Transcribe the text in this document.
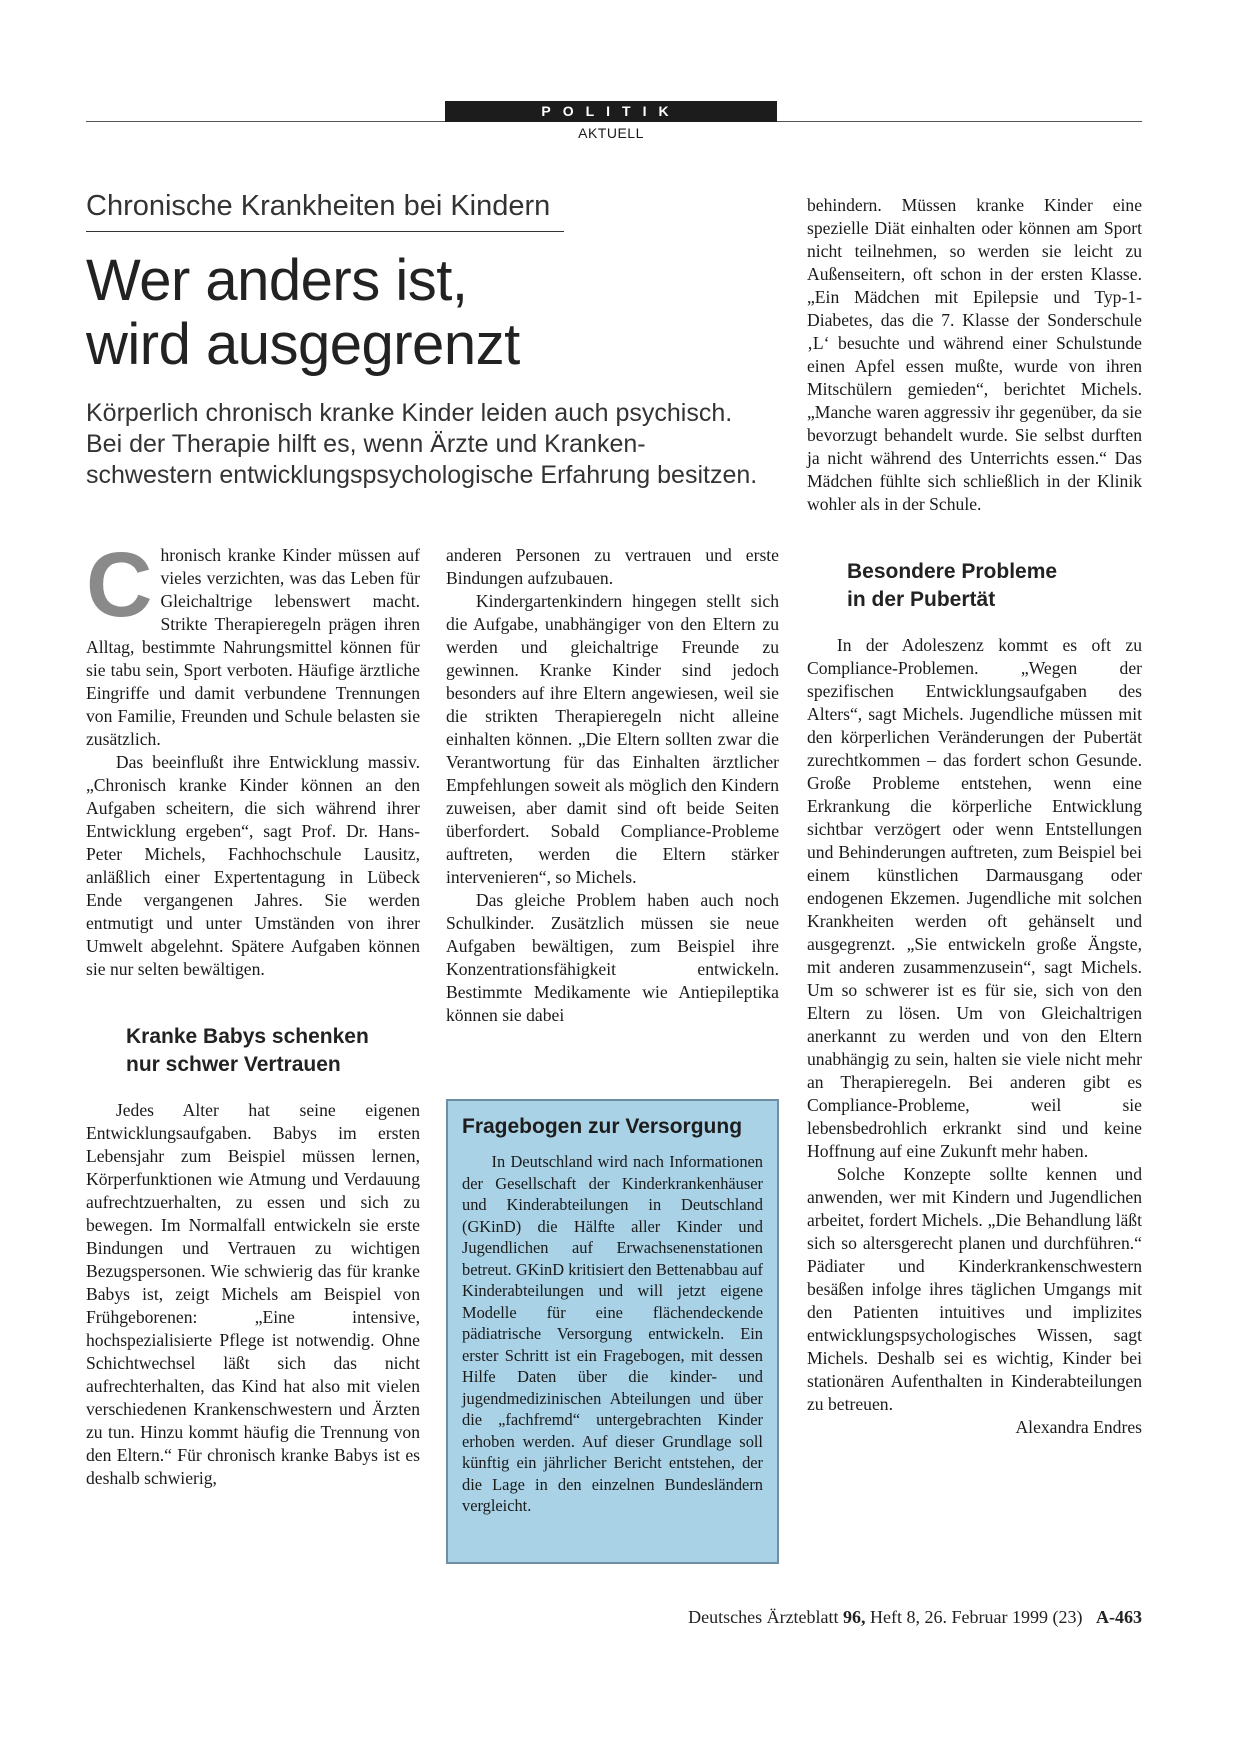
POLITIK
AKTUELL
Chronische Krankheiten bei Kindern
Wer anders ist,
wird ausgegrenzt
Körperlich chronisch kranke Kinder leiden auch psychisch.
Bei der Therapie hilft es, wenn Ärzte und Kranken-
schwestern entwicklungspsychologische Erfahrung besitzen.

Chronisch kranke Kinder müssen auf vieles verzichten, was das Leben für Gleichaltrige lebenswert macht. Strikte Therapieregeln prägen ihren Alltag, bestimmte Nahrungsmittel können für sie tabu sein, Sport verboten. Häufige ärztliche Eingriffe und damit verbundene Trennungen von Familie, Freunden und Schule belasten sie zusätzlich.

Das beeinflußt ihre Entwicklung massiv. „Chronisch kranke Kinder können an den Aufgaben scheitern, die sich während ihrer Entwicklung ergeben“, sagt Prof. Dr. Hans-Peter Michels, Fachhochschule Lausitz, anläßlich einer Expertentagung in Lübeck Ende vergangenen Jahres. Sie werden entmutigt und unter Umständen von ihrer Umwelt abgelehnt. Spätere Aufgaben können sie nur selten bewältigen.

Kranke Babys schenken
nur schwer Vertrauen

Jedes Alter hat seine eigenen Entwicklungsaufgaben. Babys im ersten Lebensjahr zum Beispiel müssen lernen, Körperfunktionen wie Atmung und Verdauung aufrechtzuerhalten, zu essen und sich zu bewegen. Im Normalfall entwickeln sie erste Bindungen und Vertrauen zu wichtigen Bezugspersonen. Wie schwierig das für kranke Babys ist, zeigt Michels am Beispiel von Frühgeborenen: „Eine intensive, hochspezialisierte Pflege ist notwendig. Ohne Schichtwechsel läßt sich das nicht aufrechterhalten, das Kind hat also mit vielen verschiedenen Krankenschwestern und Ärzten zu tun. Hinzu kommt häufig die Trennung von den Eltern.“ Für chronisch kranke Babys ist es deshalb schwierig,

anderen Personen zu vertrauen und erste Bindungen aufzubauen.

Kindergartenkindern hingegen stellt sich die Aufgabe, unabhängiger von den Eltern zu werden und gleichaltrige Freunde zu gewinnen. Kranke Kinder sind jedoch besonders auf ihre Eltern angewiesen, weil sie die strikten Therapieregeln nicht alleine einhalten können. „Die Eltern sollten zwar die Verantwortung für das Einhalten ärztlicher Empfehlungen soweit als möglich den Kindern zuweisen, aber damit sind oft beide Seiten überfordert. Sobald Compliance-Probleme auftreten, werden die Eltern stärker intervenieren“, so Michels.

Das gleiche Problem haben auch noch Schulkinder. Zusätzlich müssen sie neue Aufgaben bewältigen, zum Beispiel ihre Konzentrationsfähigkeit entwickeln. Bestimmte Medikamente wie Antiepileptika können sie dabei

Fragebogen zur Versorgung
In Deutschland wird nach Informationen der Gesellschaft der Kinderkrankenhäuser und Kinderabteilungen in Deutschland (GKinD) die Hälfte aller Kinder und Jugendlichen auf Erwachsenenstationen betreut. GKinD kritisiert den Bettenabbau auf Kinderabteilungen und will jetzt eigene Modelle für eine flächendeckende pädiatrische Versorgung entwickeln. Ein erster Schritt ist ein Fragebogen, mit dessen Hilfe Daten über die kinder- und jugendmedizinischen Abteilungen und über die „fachfremd“ untergebrachten Kinder erhoben werden. Auf dieser Grundlage soll künftig ein jährlicher Bericht entstehen, der die Lage in den einzelnen Bundesländern vergleicht.

behindern. Müssen kranke Kinder eine spezielle Diät einhalten oder können am Sport nicht teilnehmen, so werden sie leicht zu Außenseitern, oft schon in der ersten Klasse. „Ein Mädchen mit Epilepsie und Typ-1-Diabetes, das die 7. Klasse der Sonderschule ‚L‘ besuchte und während einer Schulstunde einen Apfel essen mußte, wurde von ihren Mitschülern gemieden“, berichtet Michels. „Manche waren aggressiv ihr gegenüber, da sie bevorzugt behandelt wurde. Sie selbst durften ja nicht während des Unterrichts essen.“ Das Mädchen fühlte sich schließlich in der Klinik wohler als in der Schule.

Besondere Probleme
in der Pubertät

In der Adoleszenz kommt es oft zu Compliance-Problemen. „Wegen der spezifischen Entwicklungsaufgaben des Alters“, sagt Michels. Jugendliche müssen mit den körperlichen Veränderungen der Pubertät zurechtkommen – das fordert schon Gesunde. Große Probleme entstehen, wenn eine Erkrankung die körperliche Entwicklung sichtbar verzögert oder wenn Entstellungen und Behinderungen auftreten, zum Beispiel bei einem künstlichen Darmausgang oder endogenen Ekzemen. Jugendliche mit solchen Krankheiten werden oft gehänselt und ausgegrenzt. „Sie entwickeln große Ängste, mit anderen zusammenzusein“, sagt Michels. Um so schwerer ist es für sie, sich von den Eltern zu lösen. Um von Gleichaltrigen anerkannt zu werden und von den Eltern unabhängig zu sein, halten sie viele nicht mehr an Therapieregeln. Bei anderen gibt es Compliance-Probleme, weil sie lebensbedrohlich erkrankt sind und keine Hoffnung auf eine Zukunft mehr haben.

Solche Konzepte sollte kennen und anwenden, wer mit Kindern und Jugendlichen arbeitet, fordert Michels. „Die Behandlung läßt sich so altersgerecht planen und durchführen.“ Pädiater und Kinderkrankenschwestern besäßen infolge ihres täglichen Umgangs mit den Patienten intuitives und implizites entwicklungspsychologisches Wissen, sagt Michels. Deshalb sei es wichtig, Kinder bei stationären Aufenthalten in Kinderabteilungen zu betreuen.

Alexandra Endres
Deutsches Ärzteblatt 96, Heft 8, 26. Februar 1999 (23) A-463
